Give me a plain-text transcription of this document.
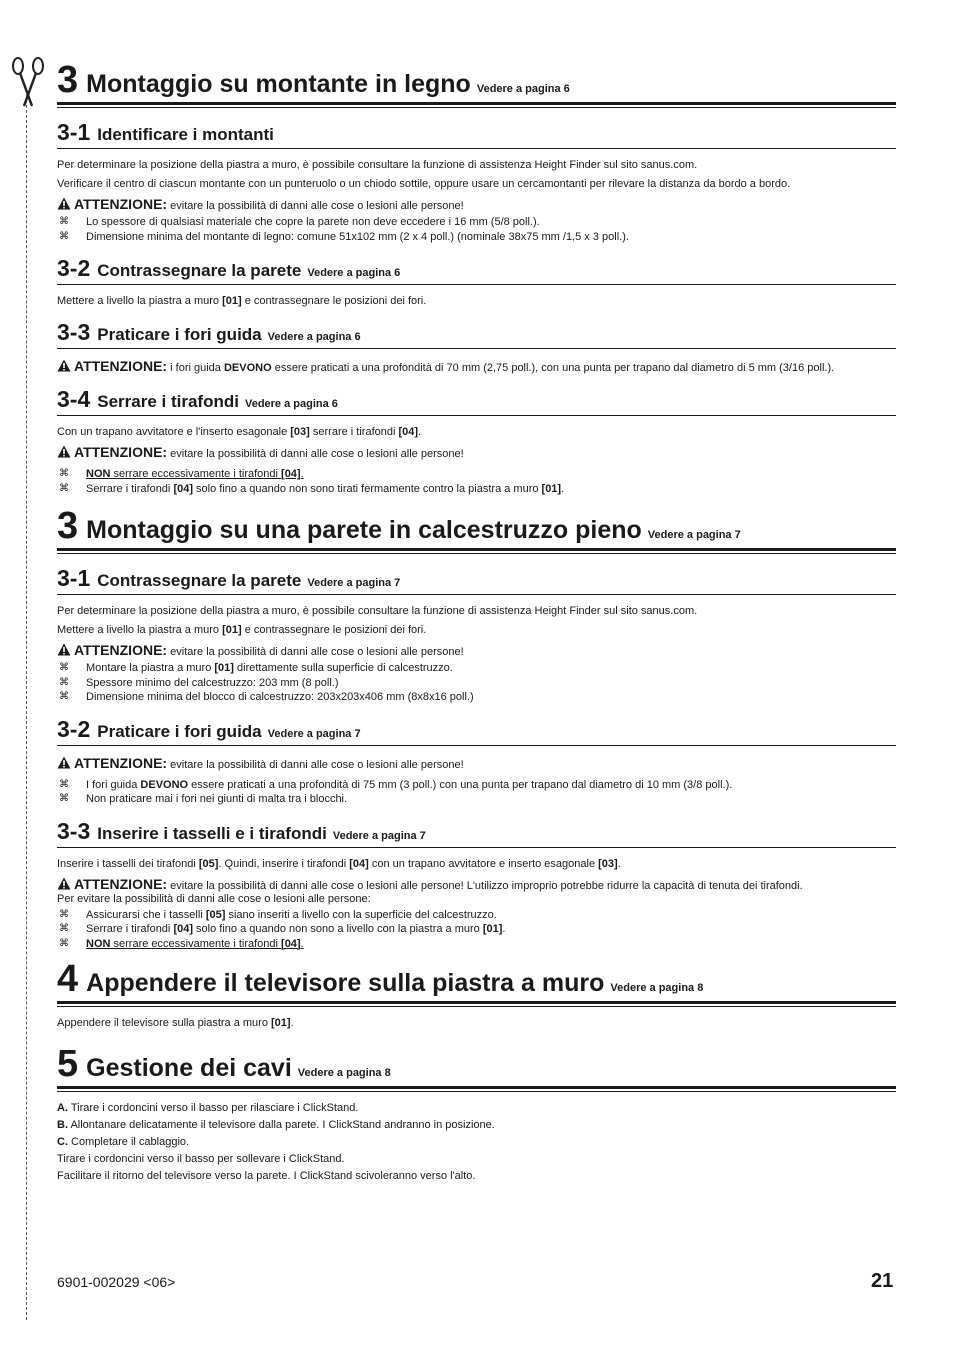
3 Montaggio su montante in legno Vedere a pagina 6
3-1 Identificare i montanti

Per determinare la posizione della piastra a muro, è possibile consultare la funzione di assistenza Height Finder sul sito sanus.com.

Verificare il centro di ciascun montante con un punteruolo o un chiodo sottile, oppure usare un cercamontanti per rilevare la distanza da bordo a bordo.

ATTENZIONE: evitare la possibilità di danni alle cose o lesioni alle persone!
⌘ Lo spessore di qualsiasi materiale che copre la parete non deve eccedere i 16 mm (5/8 poll.).
⌘ Dimensione minima del montante di legno: comune 51x102 mm (2 x 4 poll.) (nominale 38x75 mm /1,5 x 3 poll.).
3-2 Contrassegnare la parete Vedere a pagina 6

Mettere a livello la piastra a muro [01] e contrassegnare le posizioni dei fori.

3-3 Praticare i fori guida Vedere a pagina 6
ATTENZIONE: i fori guida DEVONO essere praticati a una profondità di 70 mm (2,75 poll.), con una punta per trapano dal diametro di 5 mm (3/16 poll.).
3-4 Serrare i tirafondi Vedere a pagina 6

Con un trapano avvitatore e l'inserto esagonale [03] serrare i tirafondi [04].

ATTENZIONE: evitare la possibilità di danni alle cose o lesioni alle persone!
⌘ NON serrare eccessivamente i tirafondi [04].
⌘ Serrare i tirafondi [04] solo fino a quando non sono tirati fermamente contro la piastra a muro [01].
3 Montaggio su una parete in calcestruzzo pieno Vedere a pagina 7
3-1 Contrassegnare la parete Vedere a pagina 7

Per determinare la posizione della piastra a muro, è possibile consultare la funzione di assistenza Height Finder sul sito sanus.com.

Mettere a livello la piastra a muro [01] e contrassegnare le posizioni dei fori.

ATTENZIONE: evitare la possibilità di danni alle cose o lesioni alle persone!
⌘ Montare la piastra a muro [01] direttamente sulla superficie di calcestruzzo.
⌘ Spessore minimo del calcestruzzo: 203 mm (8 poll.)
⌘ Dimensione minima del blocco di calcestruzzo: 203x203x406 mm (8x8x16 poll.)
3-2 Praticare i fori guida Vedere a pagina 7
ATTENZIONE: evitare la possibilità di danni alle cose o lesioni alle persone!
⌘ I fori guida DEVONO essere praticati a una profondità di 75 mm (3 poll.) con una punta per trapano dal diametro di 10 mm (3/8 poll.).
⌘ Non praticare mai i fori nei giunti di malta tra i blocchi.
3-3 Inserire i tasselli e i tirafondi Vedere a pagina 7

Inserire i tasselli dei tirafondi [05]. Quindi, inserire i tirafondi [04] con un trapano avvitatore e inserto esagonale [03].

ATTENZIONE: evitare la possibilità di danni alle cose o lesioni alle persone! L'utilizzo improprio potrebbe ridurre la capacità di tenuta dei tirafondi.
Per evitare la possibilità di danni alle cose o lesioni alle persone:
⌘ Assicurarsi che i tasselli [05] siano inseriti a livello con la superficie del calcestruzzo.
⌘ Serrare i tirafondi [04] solo fino a quando non sono a livello con la piastra a muro [01].
⌘ NON serrare eccessivamente i tirafondi [04].
4 Appendere il televisore sulla piastra a muro Vedere a pagina 8

Appendere il televisore sulla piastra a muro [01].

5 Gestione dei cavi Vedere a pagina 8

A. Tirare i cordoncini verso il basso per rilasciare i ClickStand.

B. Allontanare delicatamente il televisore dalla parete. I ClickStand andranno in posizione.

C. Completare il cablaggio.

Tirare i cordoncini verso il basso per sollevare i ClickStand.

Facilitare il ritorno del televisore verso la parete. I ClickStand scivoleranno verso l'alto.

6901-002029 <06>	21
